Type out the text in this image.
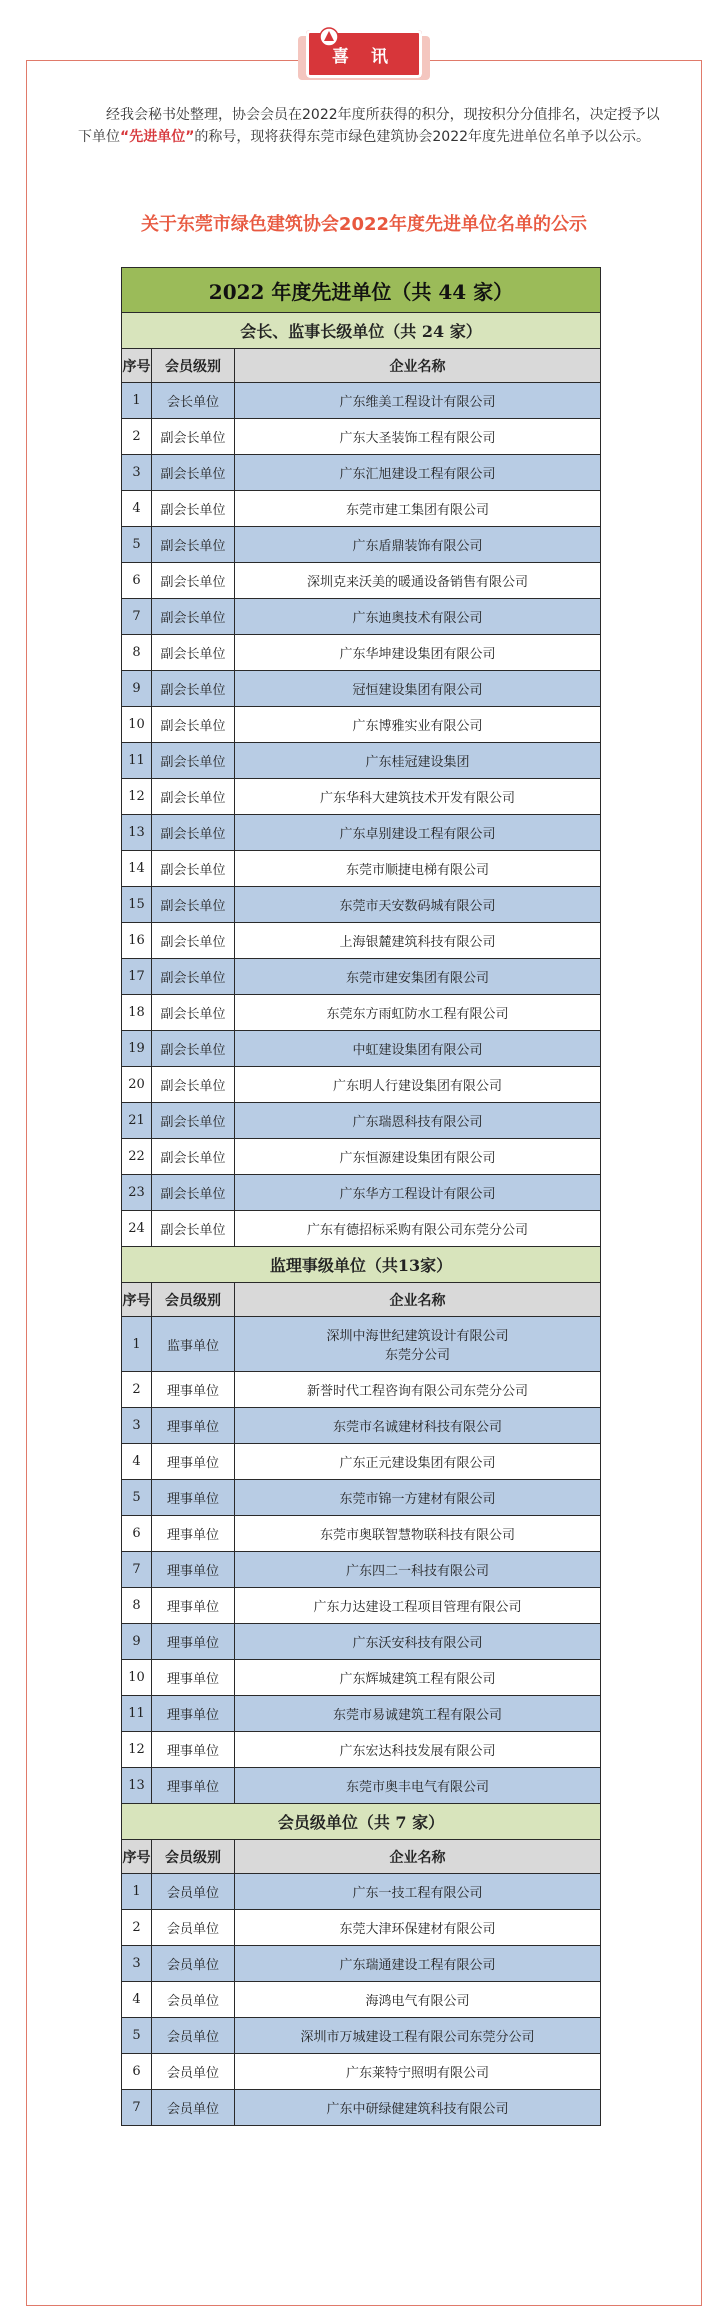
喜 讯

经我会秘书处整理，协会会员在2022年度所获得的积分，现按积分分值排名，决定授予以下单位“先进单位”的称号，现将获得东莞市绿色建筑协会2022年度先进单位名单予以公示。

关于东莞市绿色建筑协会2022年度先进单位名单的公示
2022 年度先进单位（共 44 家）		
会长、监事长级单位（共 24 家）		
序号	会员级别	企业名称
1	会长单位	广东维美工程设计有限公司

2	副会长单位	广东大圣装饰工程有限公司

3	副会长单位	广东汇旭建设工程有限公司

4	副会长单位	东莞市建工集团有限公司

5	副会长单位	广东盾鼎装饰有限公司

6	副会长单位	深圳克来沃美的暖通设备销售有限公司

7	副会长单位	广东迪奥技术有限公司

8	副会长单位	广东华坤建设集团有限公司

9	副会长单位	冠恒建设集团有限公司

10	副会长单位	广东博雅实业有限公司

11	副会长单位	广东桂冠建设集团

12	副会长单位	广东华科大建筑技术开发有限公司

13	副会长单位	广东卓别建设工程有限公司

14	副会长单位	东莞市顺捷电梯有限公司

15	副会长单位	东莞市天安数码城有限公司

16	副会长单位	上海银麓建筑科技有限公司

17	副会长单位	东莞市建安集团有限公司

18	副会长单位	东莞东方雨虹防水工程有限公司

19	副会长单位	中虹建设集团有限公司

20	副会长单位	广东明人行建设集团有限公司

21	副会长单位	广东瑞恩科技有限公司

22	副会长单位	广东恒源建设集团有限公司

23	副会长单位	广东华方工程设计有限公司

24	副会长单位	广东有德招标采购有限公司东莞分公司

监理事级单位（共13家）		
序号	会员级别	企业名称
1	监事单位	深圳中海世纪建筑设计有限公司
东莞分公司

2	理事单位	新誉时代工程咨询有限公司东莞分公司

3	理事单位	东莞市名诚建材科技有限公司

4	理事单位	广东正元建设集团有限公司

5	理事单位	东莞市锦一方建材有限公司

6	理事单位	东莞市奥联智慧物联科技有限公司

7	理事单位	广东四二一科技有限公司

8	理事单位	广东力达建设工程项目管理有限公司

9	理事单位	广东沃安科技有限公司

10	理事单位	广东辉城建筑工程有限公司

11	理事单位	东莞市易诚建筑工程有限公司

12	理事单位	广东宏达科技发展有限公司

13	理事单位	东莞市奥丰电气有限公司

会员级单位（共 7 家）		
序号	会员级别	企业名称
1	会员单位	广东一技工程有限公司

2	会员单位	东莞大津环保建材有限公司

3	会员单位	广东瑞通建设工程有限公司

4	会员单位	海鸿电气有限公司

5	会员单位	深圳市万城建设工程有限公司东莞分公司

6	会员单位	广东莱特宁照明有限公司

7	会员单位	广东中研绿健建筑科技有限公司
